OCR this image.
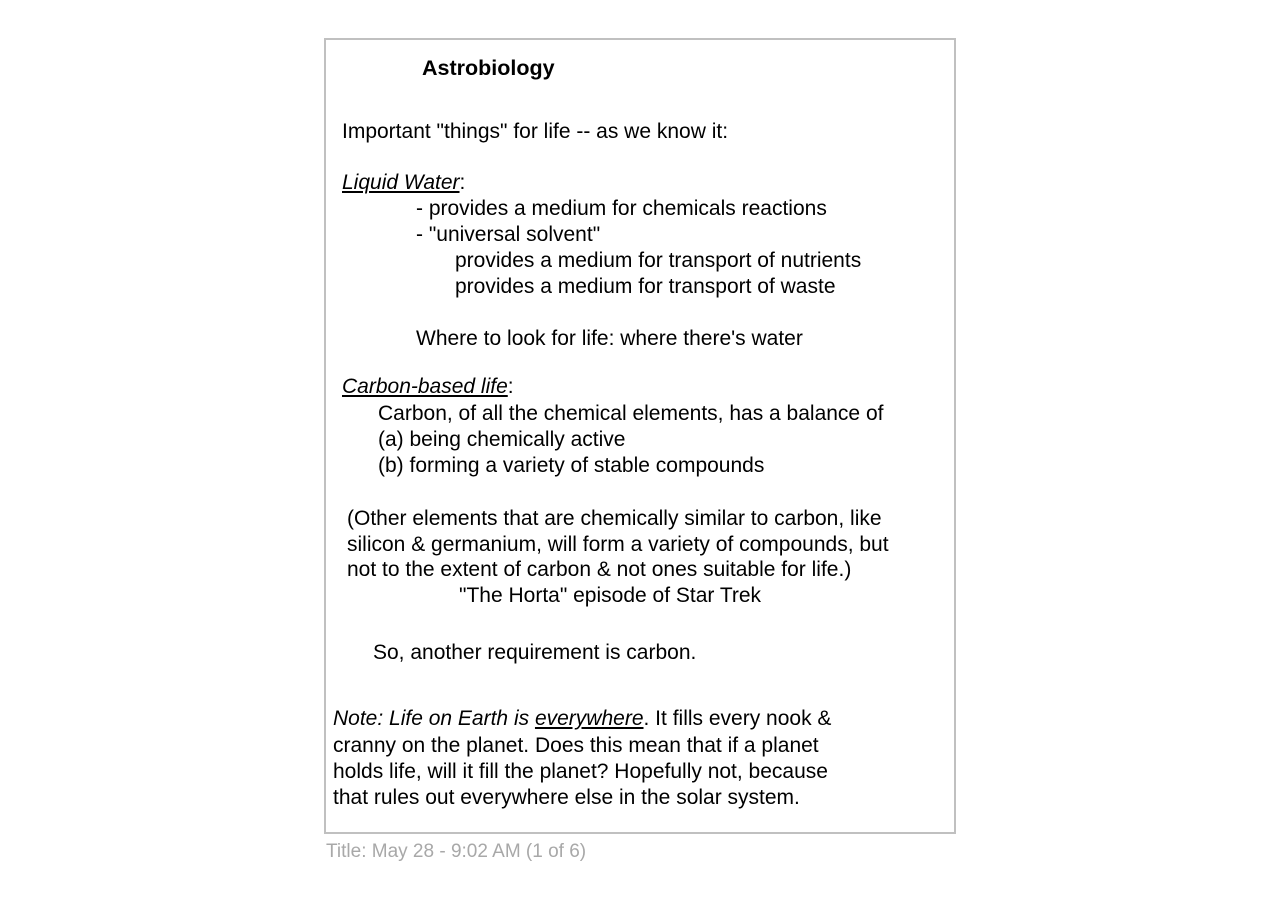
Astrobiology

Important "things" for life -- as we know it:

Liquid Water:

- provides a medium for chemicals reactions

- "universal solvent"

provides a medium for transport of nutrients

provides a medium for transport of waste

Where to look for life: where there's water

Carbon-based life:

Carbon, of all the chemical elements, has a balance of

(a) being chemically active

(b) forming a variety of stable compounds

(Other elements that are chemically similar to carbon, like

silicon & germanium, will form a variety of compounds, but

not to the extent of carbon & not ones suitable for life.)

"The Horta" episode of Star Trek

So, another requirement is carbon.

Note: Life on Earth is everywhere. It fills every nook &

cranny on the planet. Does this mean that if a planet

holds life, will it fill the planet? Hopefully not, because

that rules out everywhere else in the solar system.

Title: May 28 - 9:02 AM (1 of 6)
